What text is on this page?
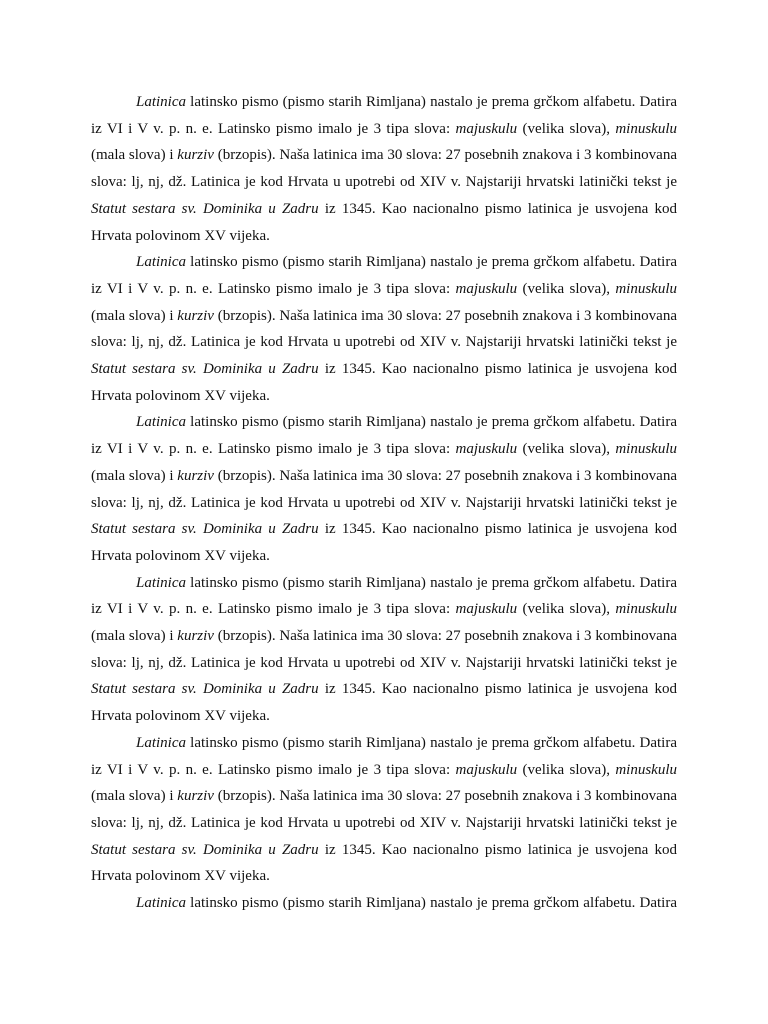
Latinica latinsko pismo (pismo starih Rimljana) nastalo je prema grčkom alfabetu. Datira iz VI i V v. p. n. e. Latinsko pismo imalo je 3 tipa slova: majuskulu (velika slova), minuskulu (mala slova) i kurziv (brzopis). Naša latinica ima 30 slova: 27 posebnih znakova i 3 kombinovana slova: lj, nj, dž. Latinica je kod Hrvata u upotrebi od XIV v. Najstariji hrvatski latinički tekst je Statut sestara sv. Dominika u Zadru iz 1345. Kao nacionalno pismo latinica je usvojena kod Hrvata polovinom XV vijeka.

Latinica latinsko pismo (pismo starih Rimljana) nastalo je prema grčkom alfabetu. Datira iz VI i V v. p. n. e. Latinsko pismo imalo je 3 tipa slova: majuskulu (velika slova), minuskulu (mala slova) i kurziv (brzopis). Naša latinica ima 30 slova: 27 posebnih znakova i 3 kombinovana slova: lj, nj, dž. Latinica je kod Hrvata u upotrebi od XIV v. Najstariji hrvatski latinički tekst je Statut sestara sv. Dominika u Zadru iz 1345. Kao nacionalno pismo latinica je usvojena kod Hrvata polovinom XV vijeka.

Latinica latinsko pismo (pismo starih Rimljana) nastalo je prema grčkom alfabetu. Datira iz VI i V v. p. n. e. Latinsko pismo imalo je 3 tipa slova: majuskulu (velika slova), minuskulu (mala slova) i kurziv (brzopis). Naša latinica ima 30 slova: 27 posebnih znakova i 3 kombinovana slova: lj, nj, dž. Latinica je kod Hrvata u upotrebi od XIV v. Najstariji hrvatski latinički tekst je Statut sestara sv. Dominika u Zadru iz 1345. Kao nacionalno pismo latinica je usvojena kod Hrvata polovinom XV vijeka.

Latinica latinsko pismo (pismo starih Rimljana) nastalo je prema grčkom alfabetu. Datira iz VI i V v. p. n. e. Latinsko pismo imalo je 3 tipa slova: majuskulu (velika slova), minuskulu (mala slova) i kurziv (brzopis). Naša latinica ima 30 slova: 27 posebnih znakova i 3 kombinovana slova: lj, nj, dž. Latinica je kod Hrvata u upotrebi od XIV v. Najstariji hrvatski latinički tekst je Statut sestara sv. Dominika u Zadru iz 1345. Kao nacionalno pismo latinica je usvojena kod Hrvata polovinom XV vijeka.

Latinica latinsko pismo (pismo starih Rimljana) nastalo je prema grčkom alfabetu. Datira iz VI i V v. p. n. e. Latinsko pismo imalo je 3 tipa slova: majuskulu (velika slova), minuskulu (mala slova) i kurziv (brzopis). Naša latinica ima 30 slova: 27 posebnih znakova i 3 kombinovana slova: lj, nj, dž. Latinica je kod Hrvata u upotrebi od XIV v. Najstariji hrvatski latinički tekst je Statut sestara sv. Dominika u Zadru iz 1345. Kao nacionalno pismo latinica je usvojena kod Hrvata polovinom XV vijeka.

Latinica latinsko pismo (pismo starih Rimljana) nastalo je prema grčkom alfabetu. Datira
